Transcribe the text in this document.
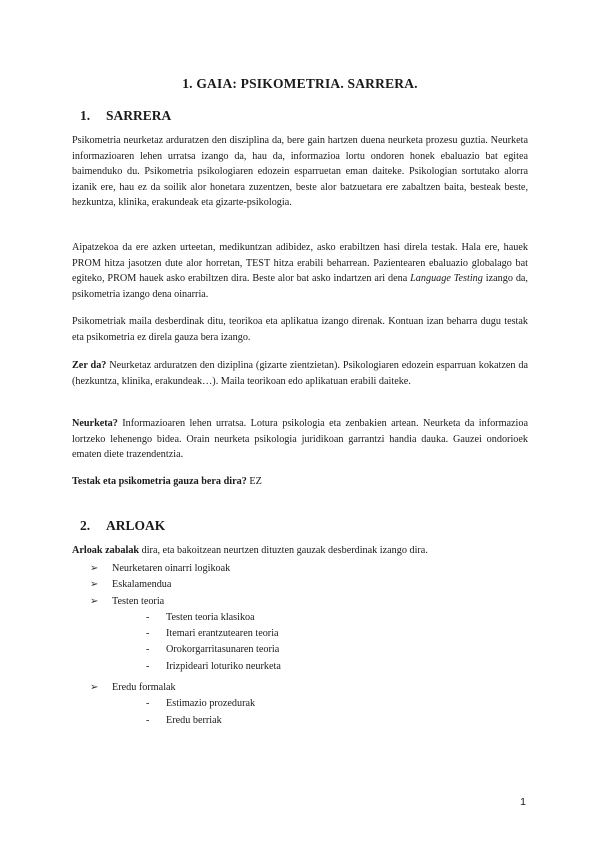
1. GAIA: PSIKOMETRIA. SARRERA.
1. SARRERA

Psikometria neurketaz arduratzen den disziplina da, bere gain hartzen duena neurketa prozesu guztia. Neurketa informazioaren lehen urratsa izango da, hau da, informazioa lortu ondoren honek ebaluazio bat egitea baimenduko du. Psikometria psikologiaren edozein esparruetan eman daiteke. Psikologian sortutako alorra izanik ere, hau ez da soilik alor honetara zuzentzen, beste alor batzuetara ere zabaltzen baita, besteak beste, hezkuntza, klinika, erakundeak eta gizarte-psikologia.

Aipatzekoa da ere azken urteetan, medikuntzan adibidez, asko erabiltzen hasi direla testak. Hala ere, hauek PROM hitza jasotzen dute alor horretan, TEST hitza erabili beharrean. Pazientearen ebaluazio globalago bat egiteko, PROM hauek asko erabiltzen dira. Beste alor bat asko indartzen ari dena Language Testing izango da, psikometria izango dena oinarria.

Psikometriak maila desberdinak ditu, teorikoa eta aplikatua izango direnak. Kontuan izan beharra dugu testak eta psikometria ez direla gauza bera izango.

Zer da? Neurketaz arduratzen den diziplina (gizarte zientzietan). Psikologiaren edozein esparruan kokatzen da (hezkuntza, klinika, erakundeak…). Maila teorikoan edo aplikatuan erabili daiteke.

Neurketa? Informazioaren lehen urratsa. Lotura psikologia eta zenbakien artean. Neurketa da informazioa lortzeko lehenengo bidea. Orain neurketa psikologia juridikoan garrantzi handia dauka. Gauzei ondorioek ematen diete trazendentzia.

Testak eta psikometria gauza bera dira? EZ

2. ARLOAK

Arloak zabalak dira, eta bakoitzean neurtzen dituzten gauzak desberdinak izango dira.

➢ Neurketaren oinarri logikoak
➢ Eskalamendua
➢ Testen teoria
- Testen teoria klasikoa
- Itemari erantzutearen teoria
- Orokorgarritasunaren teoria
- Irizpideari loturiko neurketa
➢ Eredu formalak
- Estimazio prozedurak
- Eredu berriak
1
